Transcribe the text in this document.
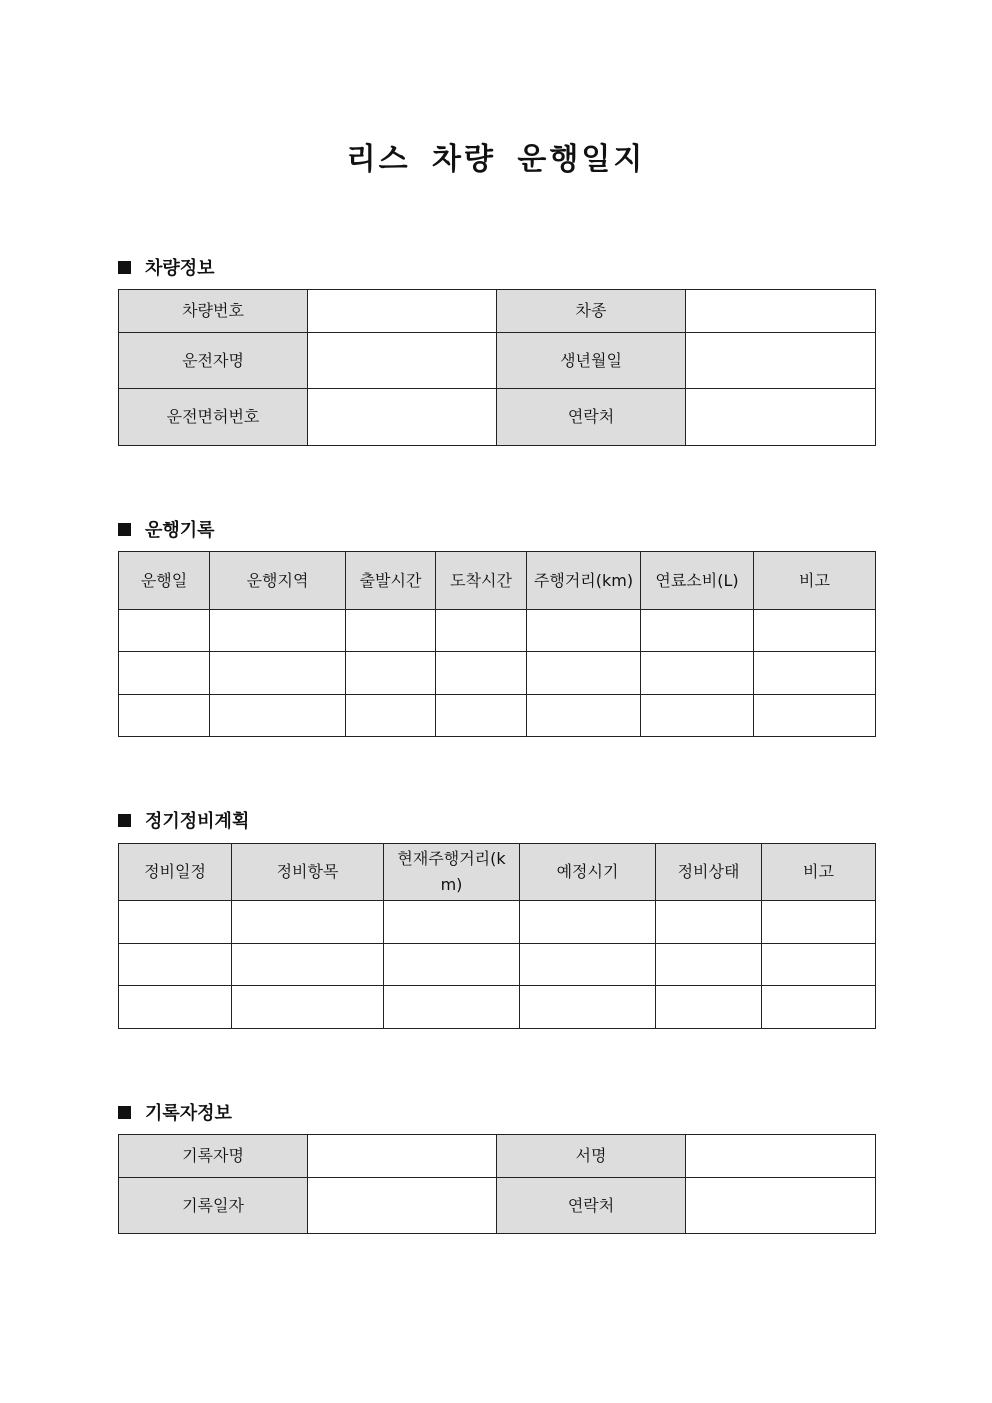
리스 차량 운행일지
차량정보
차량번호		차종	
운전자명		생년월일	
운전면허번호		연락처	
운행기록
운행일	운행지역	출발시간	도착시간	주행거리(km)	연료소비(L)	비고

정기정비계획
정비일정	정비항목	현재주행거리(km)	예정시기	정비상태	비고

기록자정보
기록자명		서명	
기록일자		연락처	
